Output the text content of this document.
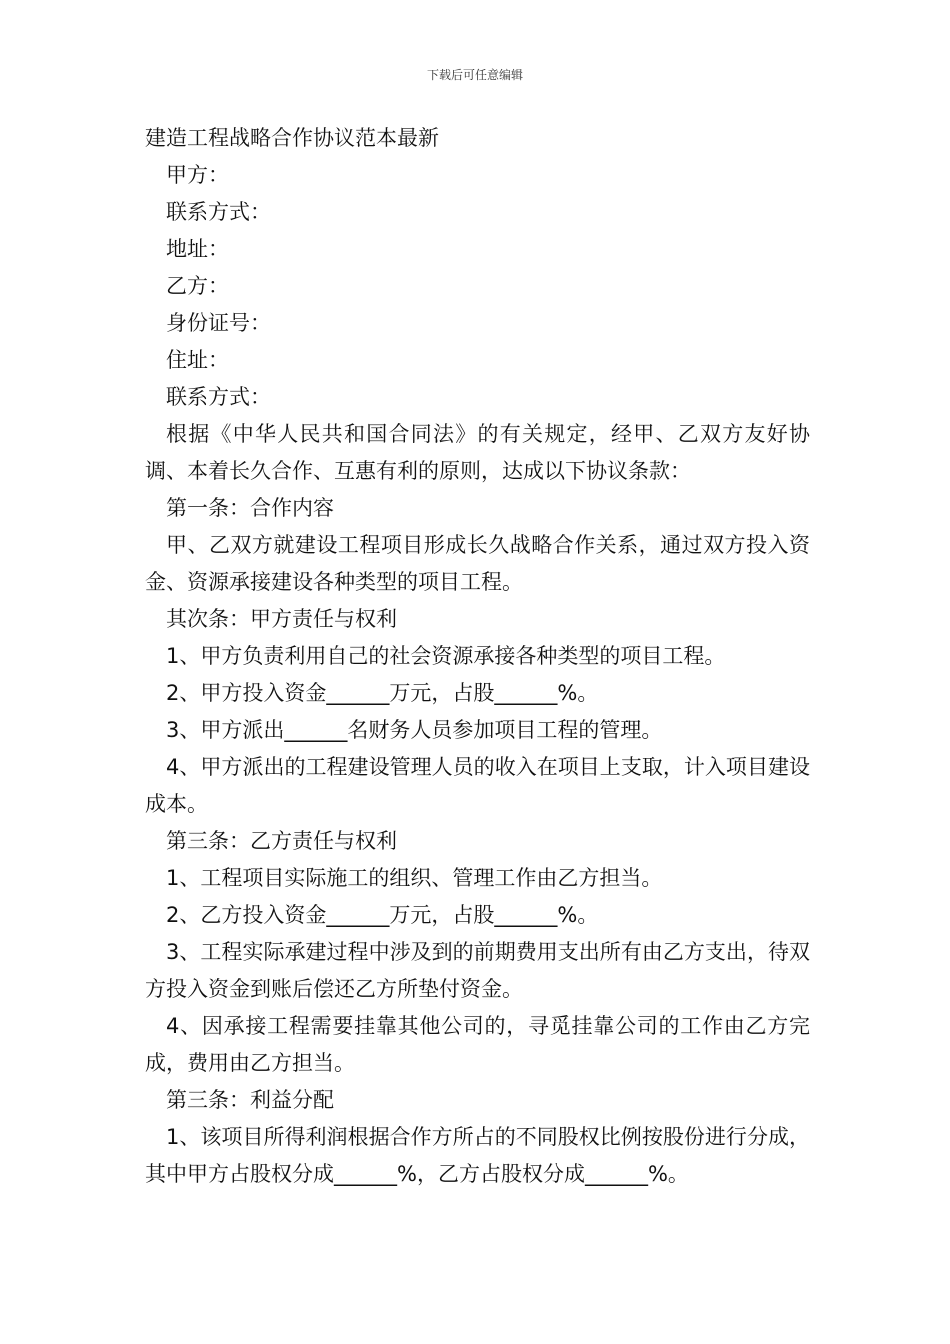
下载后可任意编辑

建造工程战略合作协议范本最新

甲方：

联系方式：

地址：

乙方：

身份证号：

住址：

联系方式：

根据《中华人民共和国合同法》的有关规定，经甲、乙双方友好协调、本着长久合作、互惠有利的原则，达成以下协议条款：

第一条：合作内容

甲、乙双方就建设工程项目形成长久战略合作关系，通过双方投入资金、资源承接建设各种类型的项目工程。

其次条：甲方责任与权利

1、甲方负责利用自己的社会资源承接各种类型的项目工程。

2、甲方投入资金______万元，占股______%。

3、甲方派出______名财务人员参加项目工程的管理。

4、甲方派出的工程建设管理人员的收入在项目上支取，计入项目建设成本。

第三条：乙方责任与权利

1、工程项目实际施工的组织、管理工作由乙方担当。

2、乙方投入资金______万元，占股______%。

3、工程实际承建过程中涉及到的前期费用支出所有由乙方支出，待双方投入资金到账后偿还乙方所垫付资金。

4、因承接工程需要挂靠其他公司的，寻觅挂靠公司的工作由乙方完成，费用由乙方担当。

第三条：利益分配

1、该项目所得利润根据合作方所占的不同股权比例按股份进行分成，其中甲方占股权分成______%，乙方占股权分成______%。
